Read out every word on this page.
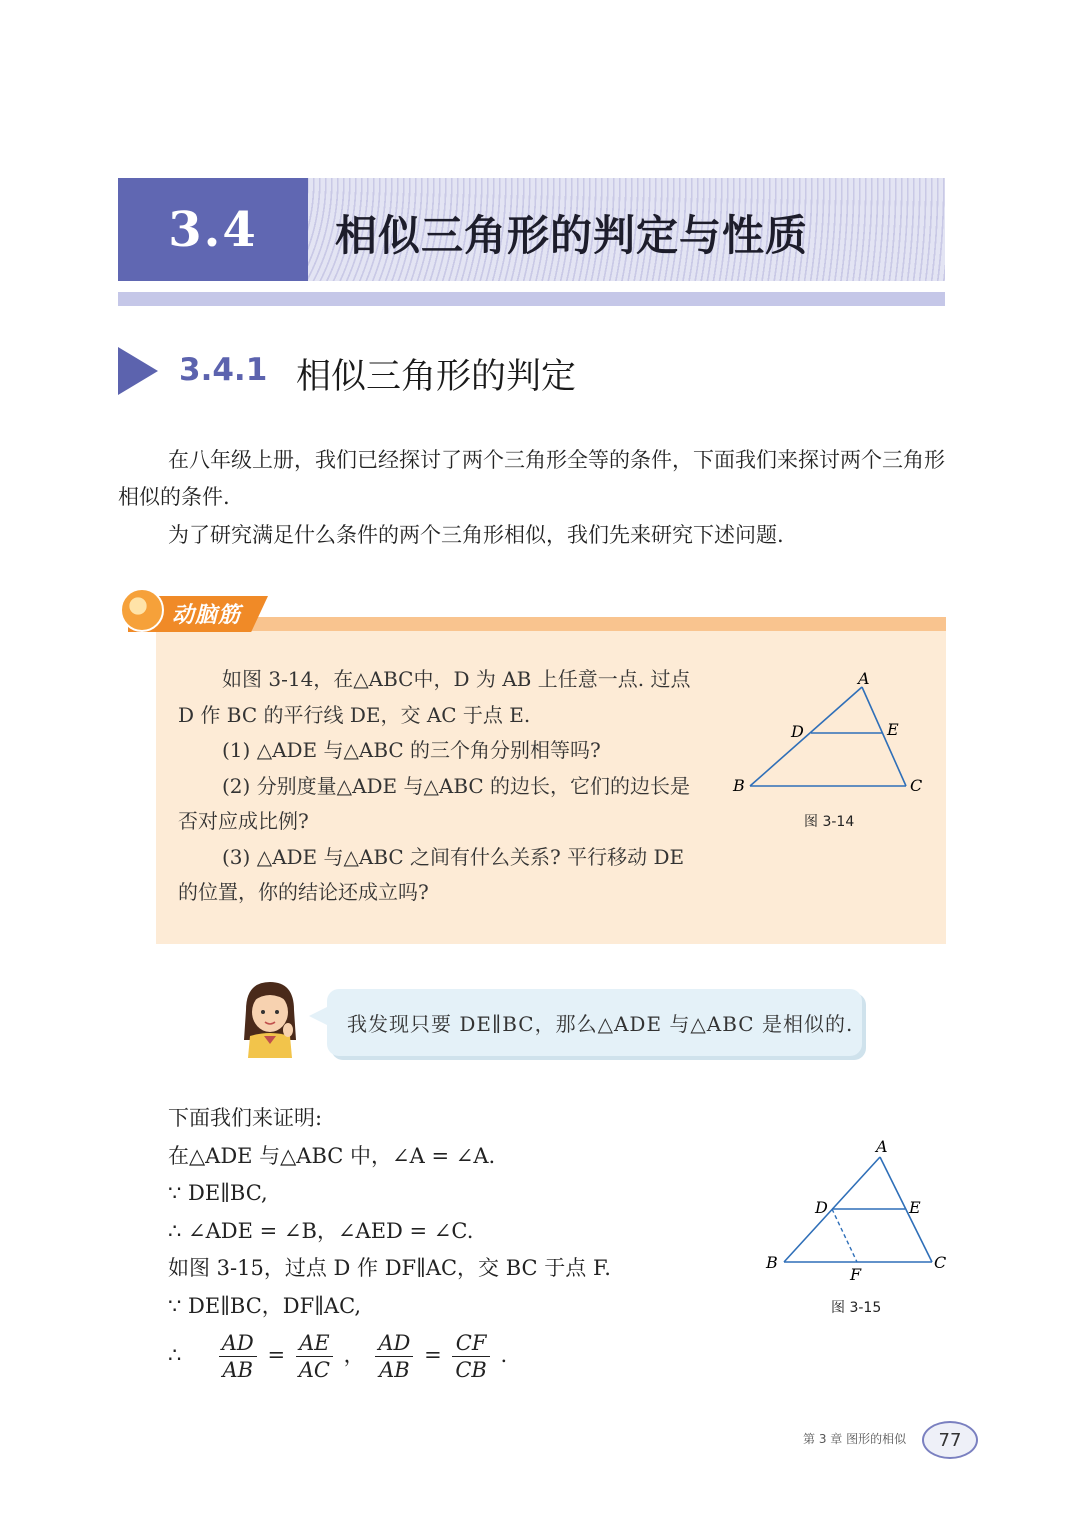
3.4 相似三角形的判定与性质
3.4.1 相似三角形的判定
在八年级上册，我们已经探讨了两个三角形全等的条件，下面我们来探讨两个三角形相似的条件.
为了研究满足什么条件的两个三角形相似，我们先来研究下述问题.
动脑筋
如图 3-14，在△ABC中，D 为 AB 上任意一点. 过点 D 作 BC 的平行线 DE，交 AC 于点 E.
(1) △ADE 与△ABC 的三个角分别相等吗?
(2) 分别度量△ADE 与△ABC 的边长，它们的边长是否对应成比例?
(3) △ADE 与△ABC 之间有什么关系? 平行移动 DE 的位置，你的结论还成立吗?
A
D	E
B	C
图 3-14
我发现只要 DE∥BC，那么△ADE 与△ABC 是相似的.
下面我们来证明:
在△ADE 与△ABC 中，∠A = ∠A.
∵ DE∥BC,
∴ ∠ADE = ∠B，∠AED = ∠C.
如图 3-15，过点 D 作 DF∥AC，交 BC 于点 F.
∵ DE∥BC，DF∥AC,
∴ $\frac{AD}{AB} = \frac{AE}{AC}$ ， $\frac{AD}{AB} = \frac{CF}{CB}$ .
A
D	E
B	C
F
图 3-15
第 3 章 图形的相似 77
